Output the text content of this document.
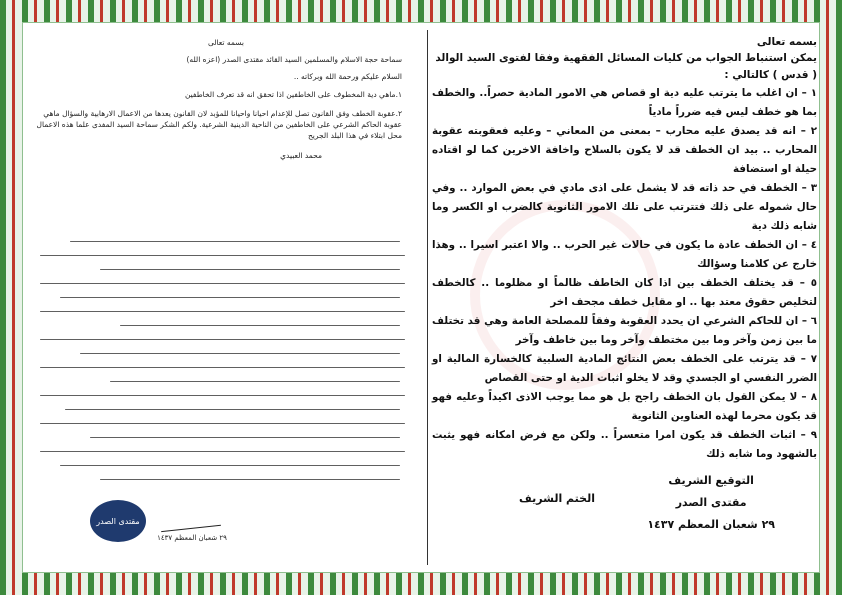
بسمه تعالى
سماحة حجة الاسلام والمسلمين السيد القائد مقتدى الصدر (اعزه الله)
السلام عليكم ورحمة الله وبركاته ..
١.ماهي دية المخطوف على الخاطفين اذا تحقق انه قد تعرف الخاطفين
٢.عقوبة الخطف وفق القانون تصل للإعدام احيانا واحيانا للمؤبد لان القانون يعدها من الاعمال الارهابية والسؤال ماهي عقوبة الحاكم الشرعي على الخاطفين من الناحية الدينية الشرعية. ولكم الشكر سماحة السيد المفدى علما هذه الاعمال محل ابتلاء في هذا البلد الجريح
محمد العبيدي
مقتدى الصدر
٢٩ شعبان المعظم ١٤٣٧
بسمه تعالى
يمكن استنباط الجواب من كليات المسائل الفقهية وفقا لفتوى السيد الوالد ( قدس ) كالتالي :

١ – ان اغلب ما يترتب عليه دية او قصاص هي الامور المادية حصراً.. والخطف بما هو خطف ليس فيه ضرراً مادياً

٢ – انه قد يصدق عليه محارب – بمعنى من المعاني – وعليه فعقوبته عقوبة المحارب .. بيد ان الخطف قد لا يكون بالسلاح واخافة الاخرين كما لو اقتاده حيلة او استضافة

٣ – الخطف في حد ذاته قد لا يشمل على اذى مادي في بعض الموارد .. وفي حال شموله على ذلك فتترتب على تلك الامور الثانوية كالضرب او الكسر وما شابه ذلك دية

٤ – ان الخطف عادة ما يكون في حالات غير الحرب .. والا اعتبر اسيرا .. وهذا خارج عن كلامنا وسؤالك

٥ – قد يختلف الخطف بين اذا كان الخاطف ظالماً او مظلوما .. كالخطف لتخليص حقوق معتد بها .. او مقابل خطف مجحف اخر

٦ – ان للحاكم الشرعي ان يحدد العقوبة وفقاً للمصلحة العامة وهي قد تختلف ما بين زمن وآخر وما بين مختطف وآخر وما بين خاطف وآخر

٧ – قد يترتب على الخطف بعض النتائج المادية السلبية كالخسارة المالية او الضرر النفسي او الجسدي وقد لا يخلو اثبات الدية او حتى القصاص

٨ – لا يمكن القول بان الخطف راجح بل هو مما يوجب الاذى اكيداً وعليه فهو قد يكون محرما لهذه العناوين الثانوية

٩ – اثبات الخطف قد يكون امرا متعسراً .. ولكن مع فرض امكانه فهو يثبت بالشهود وما شابه ذلك

التوقيع الشريف
مقتدى الصدر
٢٩ شعبان المعظم ١٤٣٧
الختم الشريف
